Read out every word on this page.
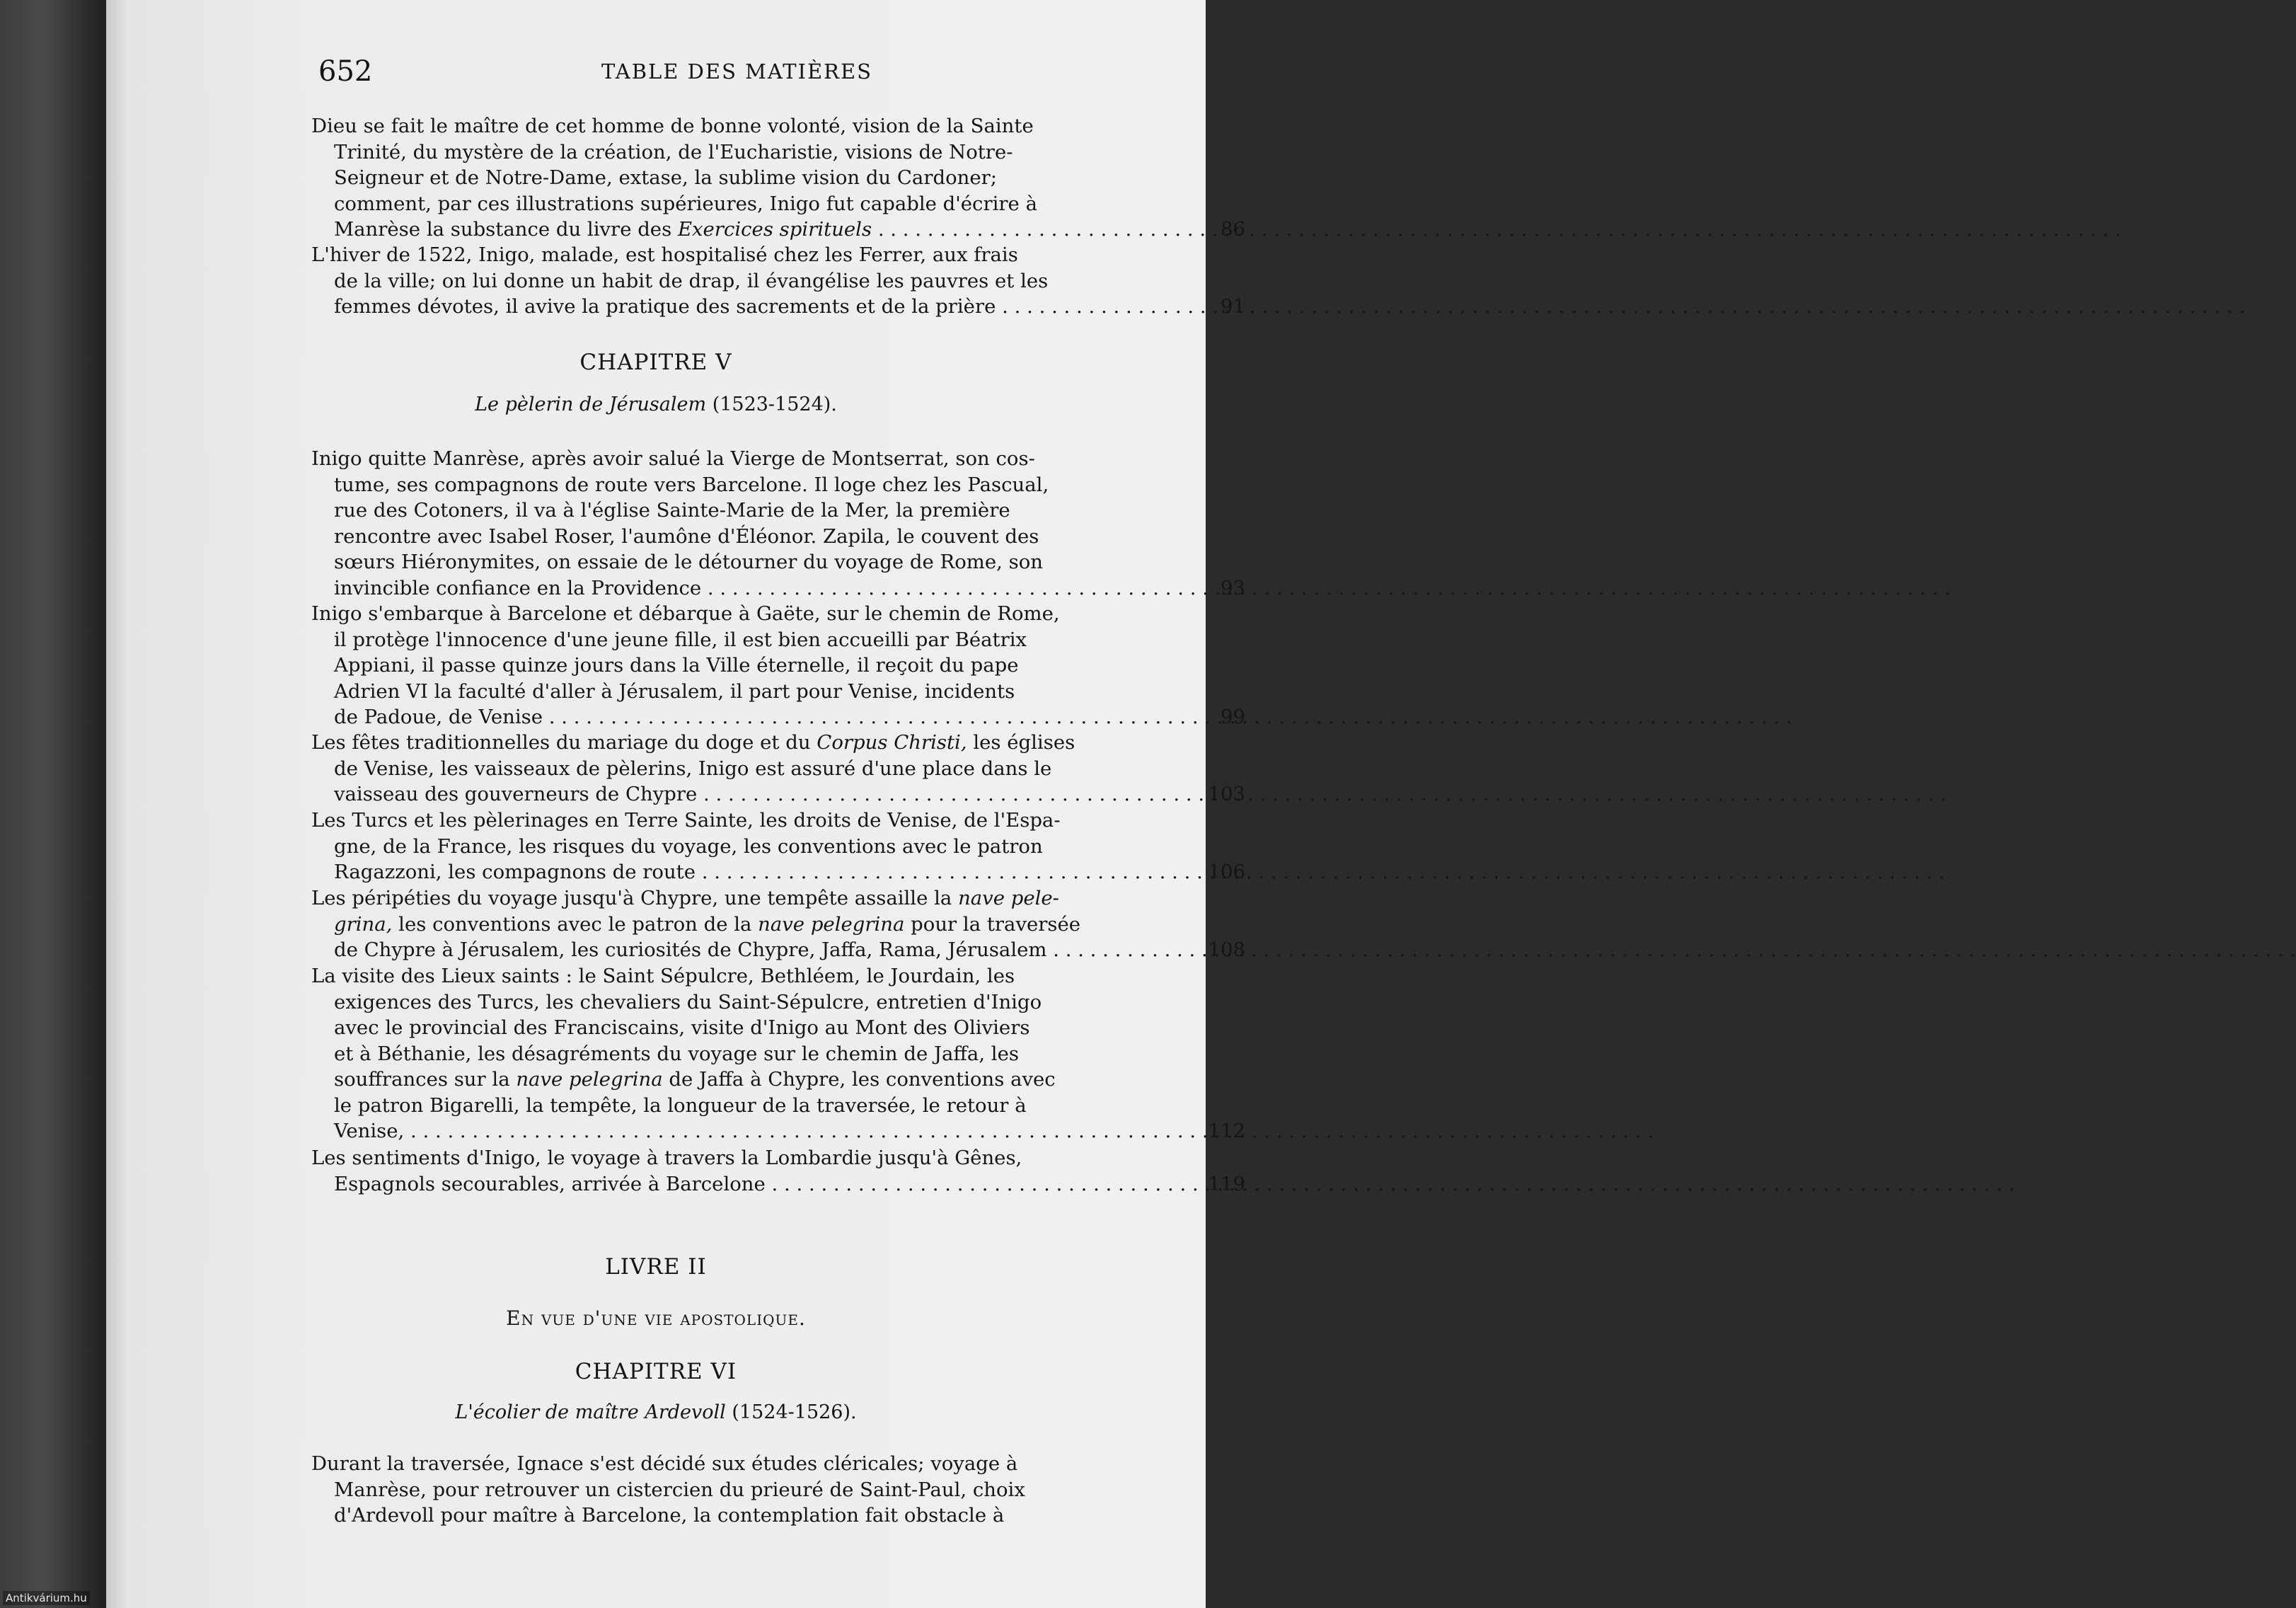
652	TABLE DES MATIÈRES
Dieu se fait le maître de cet homme de bonne volonté, vision de la Sainte
Trinité, du mystère de la création, de l'Eucharistie, visions de Notre-
Seigneur et de Notre-Dame, extase, la sublime vision du Cardoner;
comment, par ces illustrations supérieures, Inigo fut capable d'écrire à
Manrèse la substance du livre des Exercices spirituels . . .	86
L'hiver de 1522, Inigo, malade, est hospitalisé chez les Ferrer, aux frais
de la ville; on lui donne un habit de drap, il évangélise les pauvres et les
femmes dévotes, il avive la pratique des sacrements et de la prière . . .	91
CHAPITRE V
Le pèlerin de Jérusalem (1523-1524).
Inigo quitte Manrèse, après avoir salué la Vierge de Montserrat, son cos-
tume, ses compagnons de route vers Barcelone. Il loge chez les Pascual,
rue des Cotoners, il va à l'église Sainte-Marie de la Mer, la première
rencontre avec Isabel Roser, l'aumône d'Éléonor. Zapila, le couvent des
sœurs Hiéronymites, on essaie de le détourner du voyage de Rome, son
invincible confiance en la Providence . . .	93
Inigo s'embarque à Barcelone et débarque à Gaëte, sur le chemin de Rome,
il protège l'innocence d'une jeune fille, il est bien accueilli par Béatrix
Appiani, il passe quinze jours dans la Ville éternelle, il reçoit du pape
Adrien VI la faculté d'aller à Jérusalem, il part pour Venise, incidents
de Padoue, de Venise . . .	99
Les fêtes traditionnelles du mariage du doge et du Corpus Christi, les églises
de Venise, les vaisseaux de pèlerins, Inigo est assuré d'une place dans le
vaisseau des gouverneurs de Chypre . . .	103
Les Turcs et les pèlerinages en Terre Sainte, les droits de Venise, de l'Espa-
gne, de la France, les risques du voyage, les conventions avec le patron
Ragazzoni, les compagnons de route . . .	106
Les péripéties du voyage jusqu'à Chypre, une tempête assaille la nave pele-
grina, les conventions avec le patron de la nave pelegrina pour la traversée
de Chypre à Jérusalem, les curiosités de Chypre, Jaffa, Rama, Jérusalem . . .	108
La visite des Lieux saints : le Saint Sépulcre, Bethléem, le Jourdain, les
exigences des Turcs, les chevaliers du Saint-Sépulcre, entretien d'Inigo
avec le provincial des Franciscains, visite d'Inigo au Mont des Oliviers
et à Béthanie, les désagréments du voyage sur le chemin de Jaffa, les
souffrances sur la nave pelegrina de Jaffa à Chypre, les conventions avec
le patron Bigarelli, la tempête, la longueur de la traversée, le retour à
Venise, . . .	112
Les sentiments d'Inigo, le voyage à travers la Lombardie jusqu'à Gênes,
Espagnols secourables, arrivée à Barcelone . . .	119
LIVRE II
En vue d'une vie apostolique.
CHAPITRE VI
L'écolier de maître Ardevoll (1524-1526).
Durant la traversée, Ignace s'est décidé sux études cléricales; voyage à
Manrèse, pour retrouver un cistercien du prieuré de Saint-Paul, choix
d'Ardevoll pour maître à Barcelone, la contemplation fait obstacle à
Antikvárium.hu
